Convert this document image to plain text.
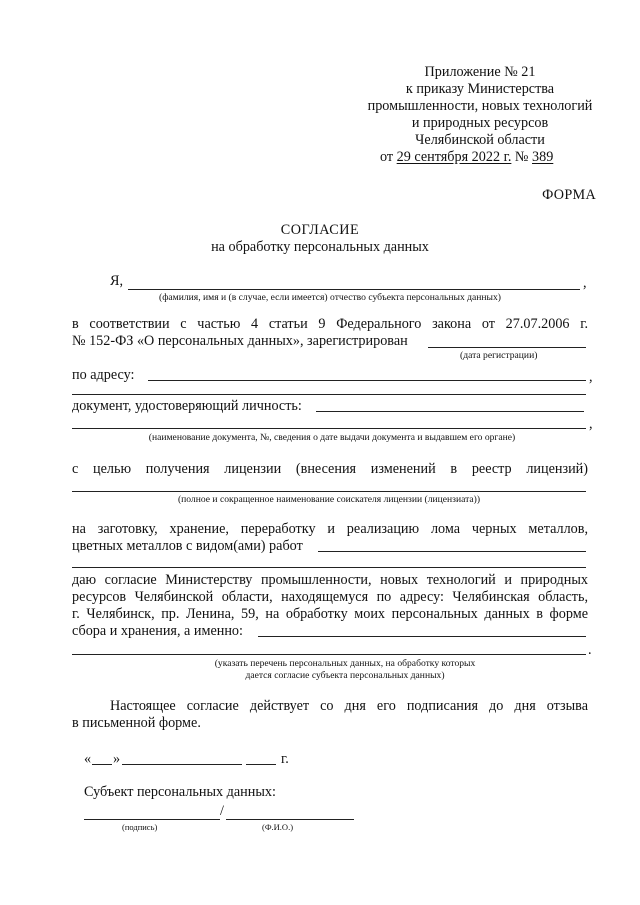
Приложение № 21
к приказу Министерства
промышленности, новых технологий
и природных ресурсов
Челябинской области
от 29 сентября 2022 г. № 389
ФОРМА
СОГЛАСИЕ
на обработку персональных данных
Я,	,
(фамилия, имя и (в случае, если имеется) отчество субъекта персональных данных)
в соответствии с частью 4 статьи 9 Федерального закона от 27.07.2006 г.
№ 152-ФЗ «О персональных данных», зарегистрирован
(дата регистрации)
по адресу:	,
документ, удостоверяющий личность:
,
(наименование документа, №, сведения о дате выдачи документа и выдавшем его органе)
с целью получения лицензии (внесения изменений в реестр лицензий)
(полное и сокращенное наименование соискателя лицензии (лицензиата))
на заготовку, хранение, переработку и реализацию лома черных металлов,
цветных металлов с видом(ами) работ
даю согласие Министерству промышленности, новых технологий и природных
ресурсов Челябинской области, находящемуся по адресу: Челябинская область,
г. Челябинск, пр. Ленина, 59, на обработку моих персональных данных в форме
сбора и хранения, а именно:
.
(указать перечень персональных данных, на обработку которых
дается согласие субъекта персональных данных)
Настоящее согласие действует со дня его подписания до дня отзыва
в письменной форме.
« »	г.
Субъект персональных данных:
/
(подпись)	(Ф.И.О.)
